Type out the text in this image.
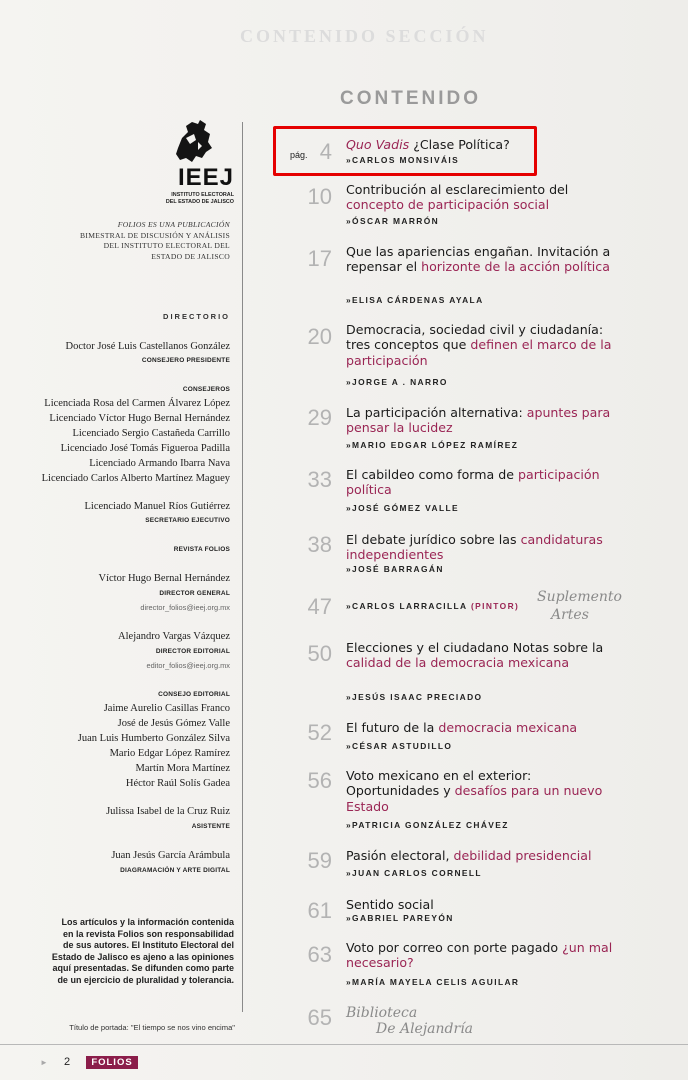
CONTENIDO SECCIÓN
IEEJ
INSTITUTO ELECTORAL
DEL ESTADO DE JALISCO
FOLIOS ES UNA PUBLICACIÓN
BIMESTRAL DE DISCUSIÓN Y ANÁLISIS
DEL INSTITUTO ELECTORAL DEL
ESTADO DE JALISCO
DIRECTORIO
Doctor José Luis Castellanos González
CONSEJERO PRESIDENTE
CONSEJEROS
Licenciada Rosa del Carmen Álvarez López
Licenciado Víctor Hugo Bernal Hernández
Licenciado Sergio Castañeda Carrillo
Licenciado José Tomás Figueroa Padilla
Licenciado Armando Ibarra Nava
Licenciado Carlos Alberto Martínez Maguey
Licenciado Manuel Ríos Gutiérrez
SECRETARIO EJECUTIVO
REVISTA FOLIOS
Víctor Hugo Bernal Hernández
DIRECTOR GENERAL
director_folios@ieej.org.mx
Alejandro Vargas Vázquez
DIRECTOR EDITORIAL
editor_folios@ieej.org.mx
CONSEJO EDITORIAL
Jaime Aurelio Casillas Franco
José de Jesús Gómez Valle
Juan Luis Humberto González Silva
Mario Edgar López Ramírez
Martín Mora Martínez
Héctor Raúl Solís Gadea
Julissa Isabel de la Cruz Ruiz
ASISTENTE
Juan Jesús García Arámbula
DIAGRAMACIÓN Y ARTE DIGITAL
Los artículos y la información contenida
en la revista Folios son responsabilidad
de sus autores. El Instituto Electoral del
Estado de Jalisco es ajeno a las opiniones
aquí presentadas. Se difunden como parte
de un ejercicio de pluralidad y tolerancia.
Título de portada: "El tiempo se nos vino encima"
► 2	FOLIOS
CONTENIDO
pág. 4 Quo Vadis ¿Clase Política?
»CARLOS MONSIVÁIS
10 Contribución al esclarecimiento del concepto de participación social
»ÓSCAR MARRÓN
17 Que las apariencias engañan. Invitación a repensar el horizonte de la acción política
»ELISA CÁRDENAS AYALA
20 Democracia, sociedad civil y ciudadanía: tres conceptos que definen el marco de la participación
»JORGE A . NARRO
29 La participación alternativa: apuntes para pensar la lucidez
»MARIO EDGAR LÓPEZ RAMÍREZ
33 El cabildeo como forma de participación política
»JOSÉ GÓMEZ VALLE
38 El debate jurídico sobre las candidaturas independientes
»JOSÉ BARRAGÁN
47 »CARLOS LARRACILLA (PINTOR)
Suplemento
Artes
50 Elecciones y el ciudadano Notas sobre la calidad de la democracia mexicana
»JESÚS ISAAC PRECIADO
52 El futuro de la democracia mexicana
»CÉSAR ASTUDILLO
56 Voto mexicano en el exterior: Oportunidades y desafíos para un nuevo Estado
»PATRICIA GONZÁLEZ CHÁVEZ
59 Pasión electoral, debilidad presidencial
»JUAN CARLOS CORNELL
61 Sentido social
»GABRIEL PAREYÓN
63 Voto por correo con porte pagado ¿un mal necesario?
»MARÍA MAYELA CELIS AGUILAR
65 Biblioteca
De Alejandría
